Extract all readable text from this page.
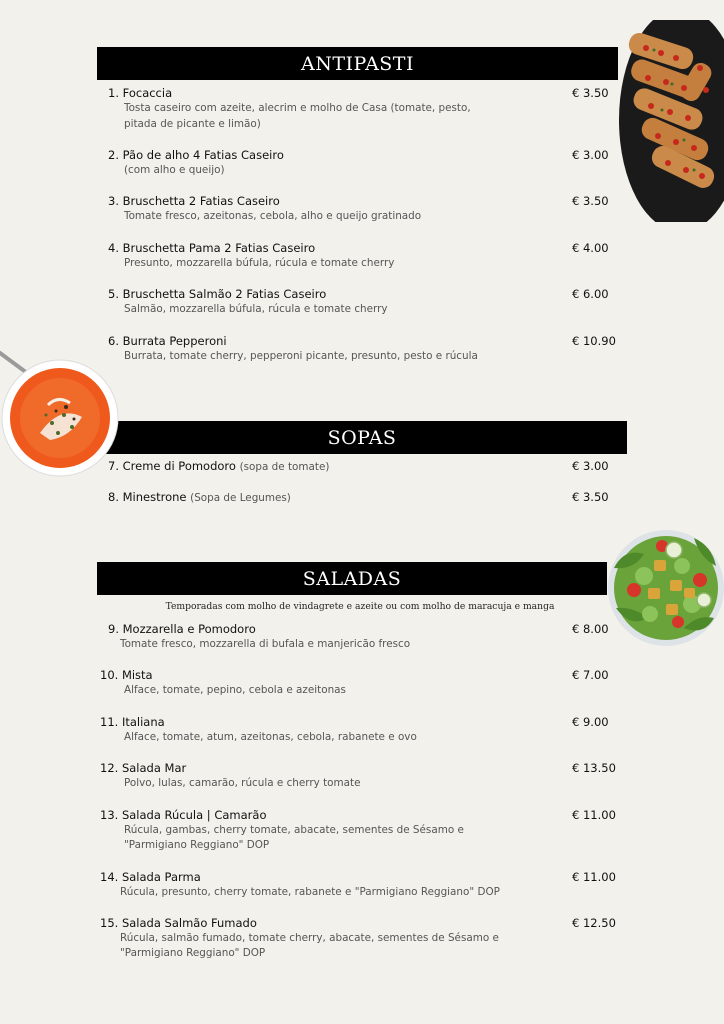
ANTIPASTI
1. Focaccia	€ 3.50
Tosta caseiro com azeite, alecrim e molho de Casa (tomate, pesto,
pitada de picante e limão)
2. Pão de alho 4 Fatias Caseiro	€ 3.00
(com alho e queijo)
3. Bruschetta 2 Fatias Caseiro	€ 3.50
Tomate fresco, azeitonas, cebola, alho e queijo gratinado
4. Bruschetta Pama 2 Fatias Caseiro	€ 4.00
Presunto, mozzarella búfula, rúcula e tomate cherry
5. Bruschetta Salmão 2 Fatias Caseiro	€ 6.00
Salmão, mozzarella búfula, rúcula e tomate cherry
6. Burrata Pepperoni	€ 10.90
Burrata, tomate cherry, pepperoni picante, presunto, pesto e rúcula
SOPAS
7. Creme di Pomodoro (sopa de tomate)	€ 3.00
8. Minestrone (Sopa de Legumes)	€ 3.50
SALADAS
Temporadas com molho de vindagrete e azeite ou com molho de maracuja e manga
9. Mozzarella e Pomodoro	€ 8.00
Tomate fresco, mozzarella di bufala e manjericão fresco
10. Mista	€ 7.00
Alface, tomate, pepino, cebola e azeitonas
11. Italiana	€ 9.00
Alface, tomate, atum, azeitonas, cebola, rabanete e ovo
12. Salada Mar	€ 13.50
Polvo, lulas, camarão, rúcula e cherry tomate
13. Salada Rúcula | Camarão	€ 11.00
Rúcula, gambas, cherry tomate, abacate, sementes de Sésamo e
"Parmigiano Reggiano" DOP
14. Salada Parma	€ 11.00
Rúcula, presunto, cherry tomate, rabanete e "Parmigiano Reggiano" DOP
15. Salada Salmão Fumado	€ 12.50
Rúcula, salmão fumado, tomate cherry, abacate, sementes de Sésamo e
"Parmigiano Reggiano" DOP
